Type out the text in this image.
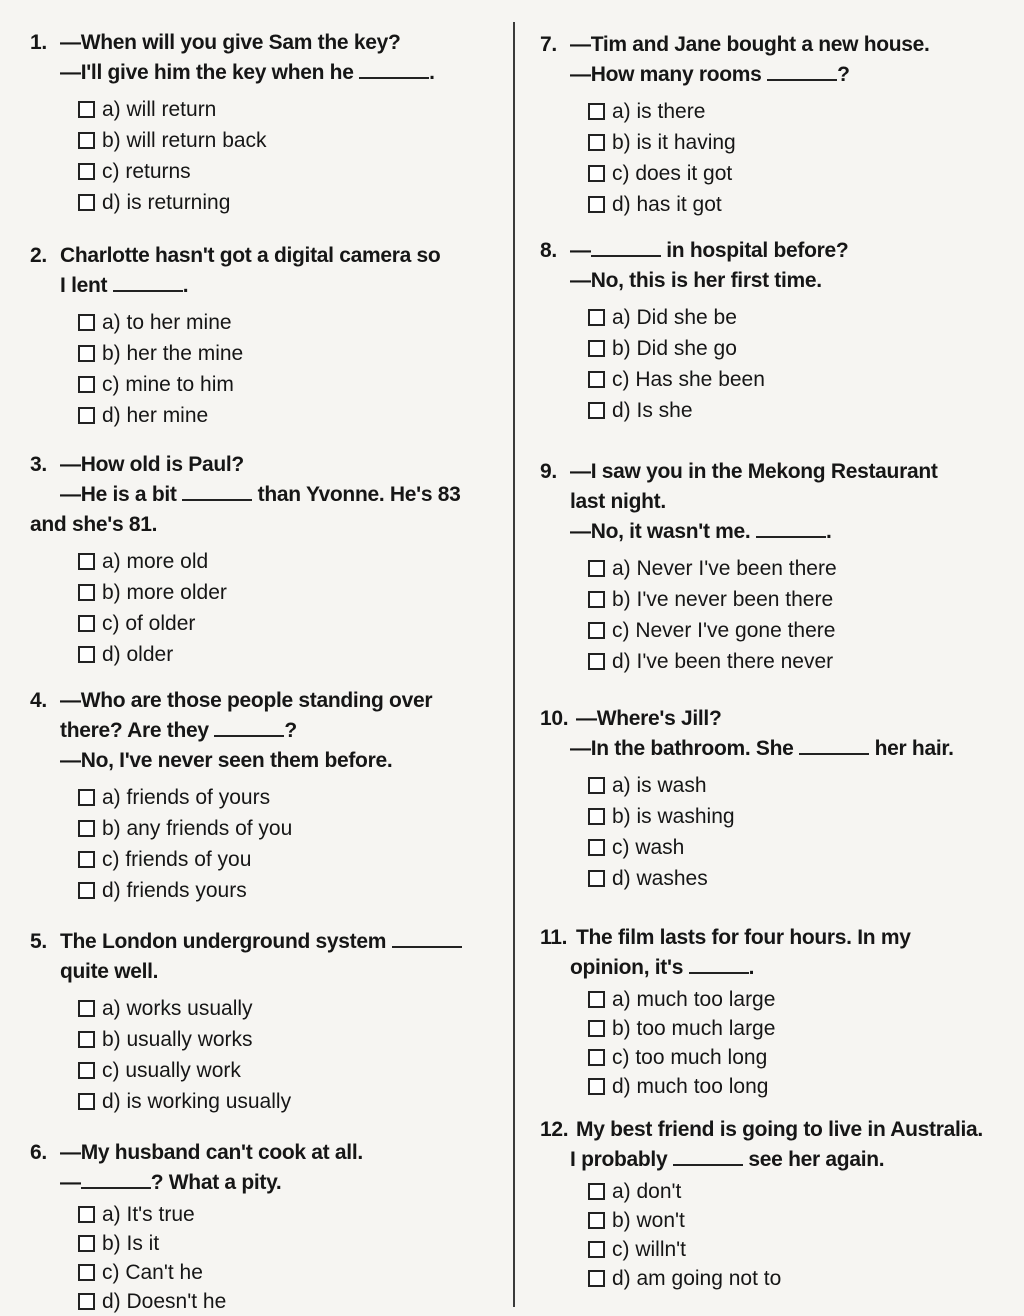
1. —When will you give Sam the key?
—I'll give him the key when he	.
a) will return
b) will return back
c) returns
d) is returning
2. Charlotte hasn't got a digital camera so
I lent	.
a) to her mine
b) her the mine
c) mine to him
d) her mine
3. —How old is Paul?
—He is a bit	than Yvonne. He's 83
and she's 81.
a) more old
b) more older
c) of older
d) older
4. —Who are those people standing over
there? Are they	?
—No, I've never seen them before.
a) friends of yours
b) any friends of you
c) friends of you
d) friends yours
5. The London underground system
quite well.
a) works usually
b) usually works
c) usually work
d) is working usually
6. —My husband can't cook at all.
—	? What a pity.
a) It's true
b) Is it
c) Can't he
d) Doesn't he
7. —Tim and Jane bought a new house.
—How many rooms	?
a) is there
b) is it having
c) does it got
d) has it got
8. —	in hospital before?
—No, this is her first time.
a) Did she be
b) Did she go
c) Has she been
d) Is she
9. —I saw you in the Mekong Restaurant
last night.
—No, it wasn't me.	.
a) Never I've been there
b) I've never been there
c) Never I've gone there
d) I've been there never
10. —Where's Jill?
—In the bathroom. She	her hair.
a) is wash
b) is washing
c) wash
d) washes
11. The film lasts for four hours. In my
opinion, it's	.
a) much too large
b) too much large
c) too much long
d) much too long
12. My best friend is going to live in Australia.
I probably	see her again.
a) don't
b) won't
c) willn't
d) am going not to
